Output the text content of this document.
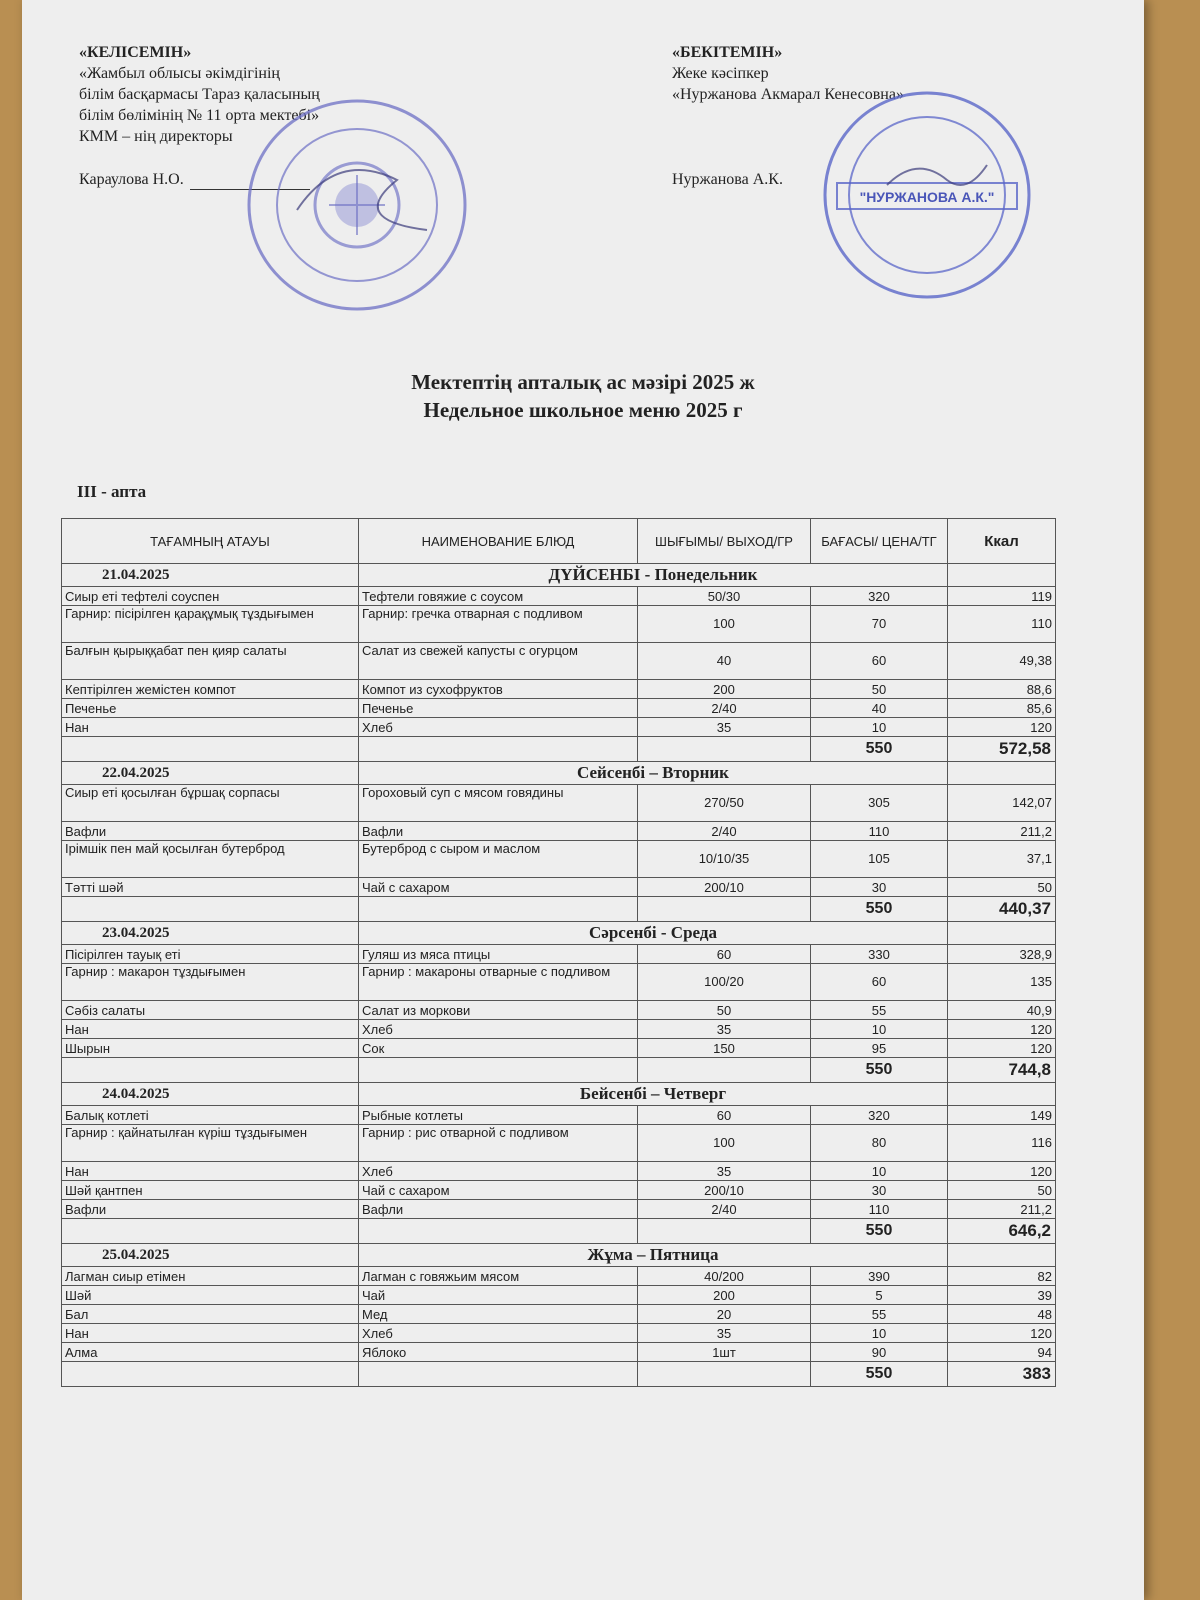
«КЕЛІСЕМІН»
«Жамбыл облысы әкімдігінің
білім басқармасы Тараз қаласының
білім бөлімінің № 11 орта мектебі»
КММ – нің директоры
Караулова Н.О.
«БЕКІТЕМІН»
Жеке кәсіпкер
«Нуржанова Акмарал Кенесовна»
Нуржанова А.К.
"НУРЖАНОВА А.К."
Мектептің апталық ас мәзірі 2025 ж
Недельное школьное меню 2025 г
ІІІ - апта
ТАҒАМНЫҢ АТАУЫ	НАИМЕНОВАНИЕ БЛЮД	ШЫҒЫМЫ/ ВЫХОД/ГР	БАҒАСЫ/ ЦЕНА/ТГ	Ккал
21.04.2025	ДҮЙСЕНБІ - Понедельник			
Сиыр еті тефтелі соуспен	Тефтели говяжие с соусом	50/30	320	119
Гарнир: пісірілген қарақұмық тұздығымен	Гарнир: гречка отварная с подливом	100	70	110
Балғын қырыққабат пен қияр салаты	Салат из свежей капусты с огурцом	40	60	49,38
Кептірілген жемістен компот	Компот из сухофруктов	200	50	88,6
Печенье	Печенье	2/40	40	85,6
Нан	Хлеб	35	10	120
			550	572,58
22.04.2025	Сейсенбі – Вторник			
Сиыр еті қосылған бұршақ сорпасы	Гороховый суп с мясом говядины	270/50	305	142,07
Вафли	Вафли	2/40	110	211,2
Ірімшік пен май қосылған бутерброд	Бутерброд с сыром и маслом	10/10/35	105	37,1
Тәтті шәй	Чай с сахаром	200/10	30	50
			550	440,37
23.04.2025	Сәрсенбі - Среда			
Пісірілген тауық еті	Гуляш из мяса птицы	60	330	328,9
Гарнир : макарон тұздығымен	Гарнир : макароны отварные с подливом	100/20	60	135
Сәбіз салаты	Салат из моркови	50	55	40,9
Нан	Хлеб	35	10	120
Шырын	Сок	150	95	120
			550	744,8
24.04.2025	Бейсенбі – Четверг			
Балық котлеті	Рыбные котлеты	60	320	149
Гарнир : қайнатылған күріш тұздығымен	Гарнир : рис отварной с подливом	100	80	116
Нан	Хлеб	35	10	120
Шәй қантпен	Чай с сахаром	200/10	30	50
Вафли	Вафли	2/40	110	211,2
			550	646,2
25.04.2025	Жұма – Пятница			
Лагман сиыр етімен	Лагман с говяжьим мясом	40/200	390	82
Шәй	Чай	200	5	39
Бал	Мед	20	55	48
Нан	Хлеб	35	10	120
Алма	Яблоко	1шт	90	94
			550	383
